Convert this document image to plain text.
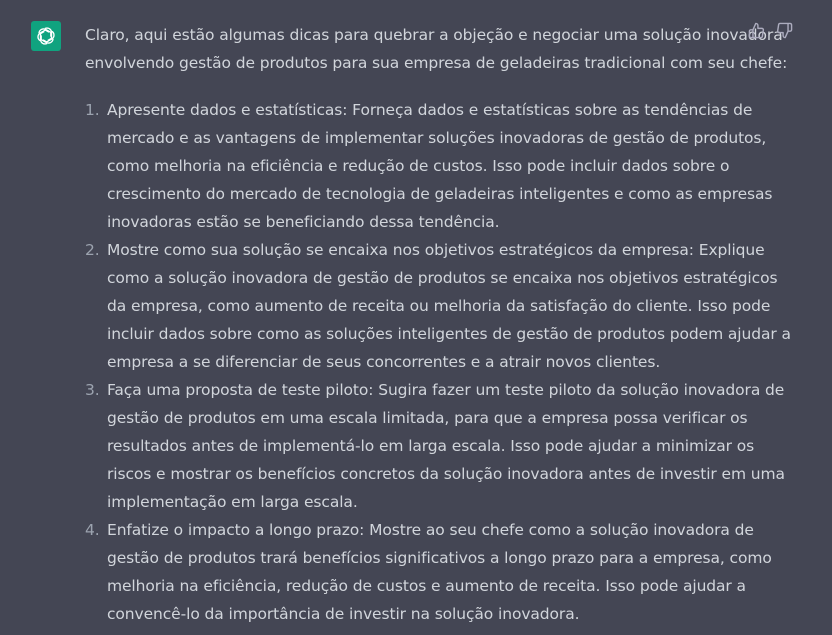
Claro, aqui estão algumas dicas para quebrar a objeção e negociar uma solução inovadora
envolvendo gestão de produtos para sua empresa de geladeiras tradicional com seu chefe:

1. Apresente dados e estatísticas: Forneça dados e estatísticas sobre as tendências de
mercado e as vantagens de implementar soluções inovadoras de gestão de produtos,
como melhoria na eficiência e redução de custos. Isso pode incluir dados sobre o
crescimento do mercado de tecnologia de geladeiras inteligentes e como as empresas
inovadoras estão se beneficiando dessa tendência.
2. Mostre como sua solução se encaixa nos objetivos estratégicos da empresa: Explique
como a solução inovadora de gestão de produtos se encaixa nos objetivos estratégicos
da empresa, como aumento de receita ou melhoria da satisfação do cliente. Isso pode
incluir dados sobre como as soluções inteligentes de gestão de produtos podem ajudar a
empresa a se diferenciar de seus concorrentes e a atrair novos clientes.
3. Faça uma proposta de teste piloto: Sugira fazer um teste piloto da solução inovadora de
gestão de produtos em uma escala limitada, para que a empresa possa verificar os
resultados antes de implementá-lo em larga escala. Isso pode ajudar a minimizar os
riscos e mostrar os benefícios concretos da solução inovadora antes de investir em uma
implementação em larga escala.
4. Enfatize o impacto a longo prazo: Mostre ao seu chefe como a solução inovadora de
gestão de produtos trará benefícios significativos a longo prazo para a empresa, como
melhoria na eficiência, redução de custos e aumento de receita. Isso pode ajudar a
convencê-lo da importância de investir na solução inovadora.
